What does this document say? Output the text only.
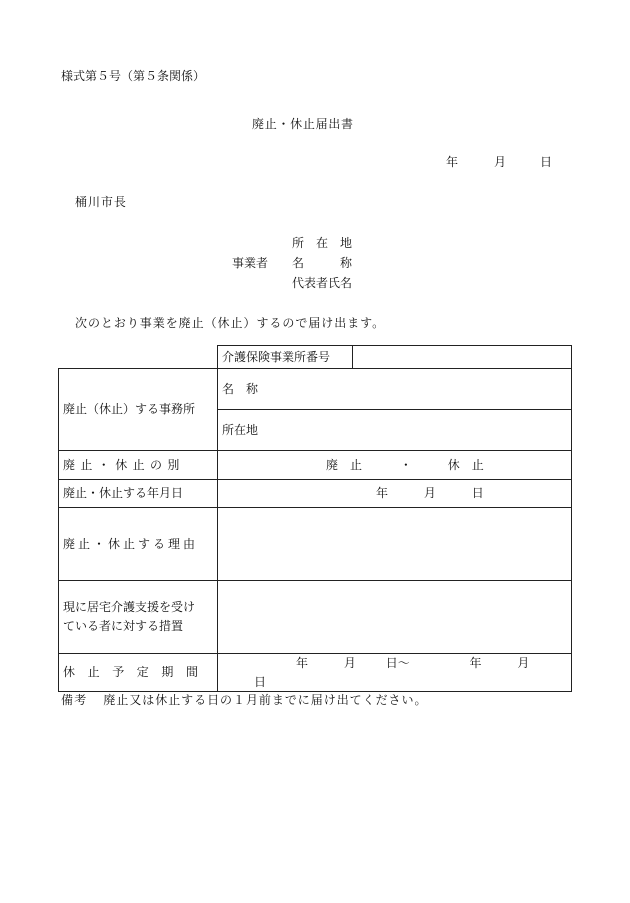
様式第５号（第５条関係）
廃止・休止届出書
年	月	日
桶川市長
事業者
所　在　地
名　　　称
代表者氏名
次のとおり事業を廃止（休止）するので届け出ます。
	介護保険事業所番号	
廃止（休止）する事務所	名　称	
	所在地	
廃止・休止の別	廃　止 ・ 休　止	
廃止・休止する年月日	年 月 日	
廃止・休止する理由		

現に居宅介護支援を受け
ている者に対する措置		

休止予定期間	年 月 日～ 年 月 日	
備考 廃止又は休止する日の１月前までに届け出てください。
